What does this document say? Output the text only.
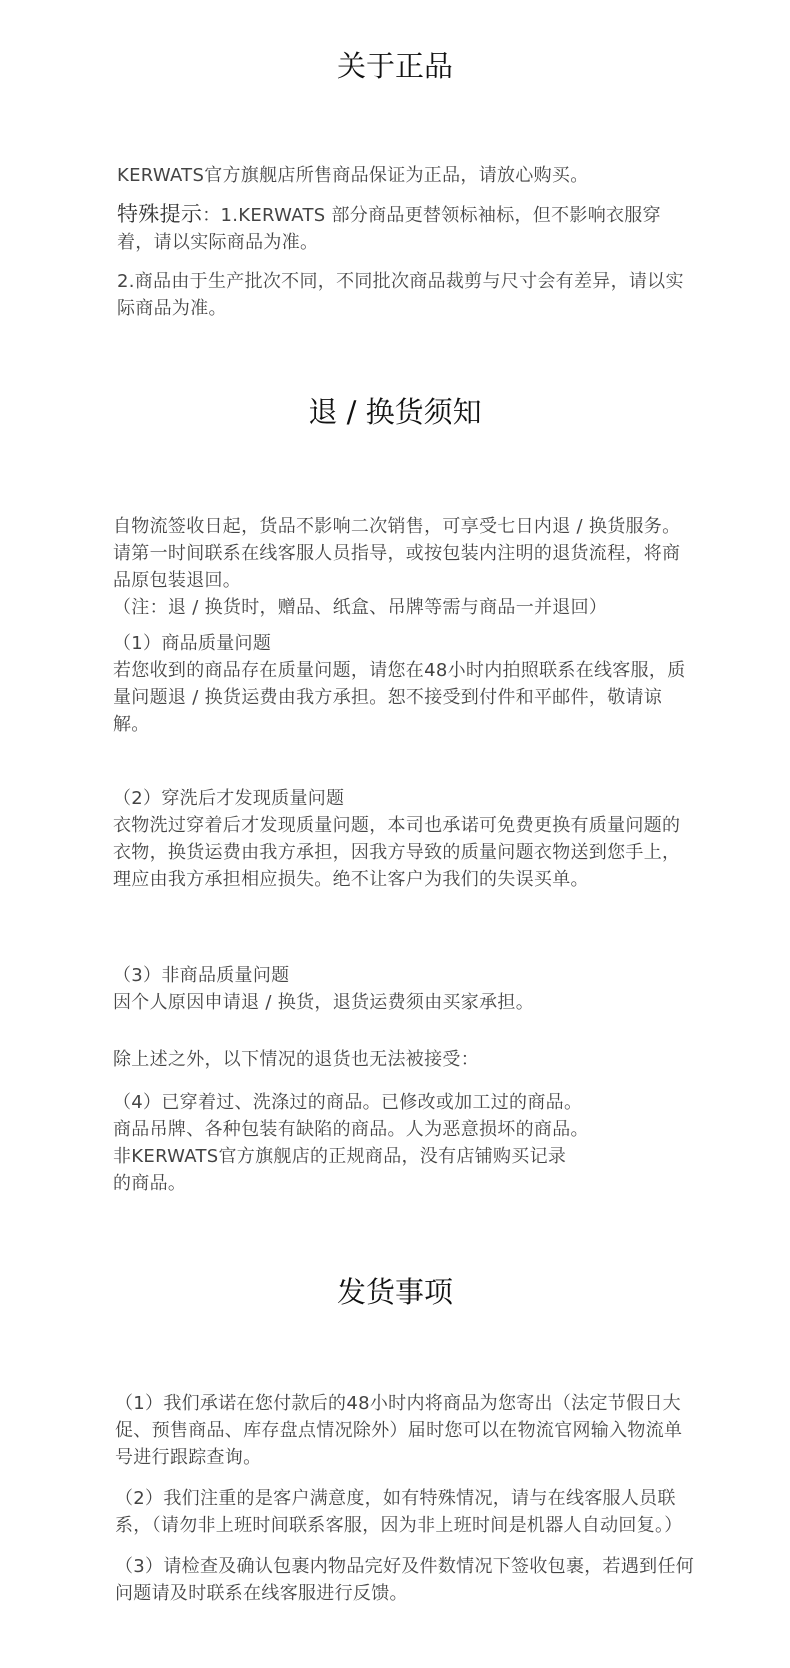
关于正品

KERWATS官方旗舰店所售商品保证为正品，请放心购买。

特殊提示：1.KERWATS 部分商品更替领标袖标，但不影响衣服穿着，请以实际商品为准。

2.商品由于生产批次不同，不同批次商品裁剪与尺寸会有差异，请以实际商品为准。

退 / 换货须知

自物流签收日起，货品不影响二次销售，可享受七日内退 / 换货服务。请第一时间联系在线客服人员指导，或按包装内注明的退货流程，将商品原包装退回。

（注：退 / 换货时，赠品、纸盒、吊牌等需与商品一并退回）

（1）商品质量问题

若您收到的商品存在质量问题，请您在48小时内拍照联系在线客服，质量问题退 / 换货运费由我方承担。恕不接受到付件和平邮件，敬请谅解。

（2）穿洗后才发现质量问题

衣物洗过穿着后才发现质量问题，本司也承诺可免费更换有质量问题的衣物，换货运费由我方承担，因我方导致的质量问题衣物送到您手上，理应由我方承担相应损失。绝不让客户为我们的失误买单。

（3）非商品质量问题

因个人原因申请退 / 换货，退货运费须由买家承担。

除上述之外，以下情况的退货也无法被接受：

（4）已穿着过、洗涤过的商品。已修改或加工过的商品。

商品吊牌、各种包装有缺陷的商品。人为恶意损坏的商品。

非KERWATS官方旗舰店的正规商品，没有店铺购买记录

的商品。

发货事项

（1）我们承诺在您付款后的48小时内将商品为您寄出（法定节假日大促、预售商品、库存盘点情况除外）届时您可以在物流官网输入物流单号进行跟踪查询。

（2）我们注重的是客户满意度，如有特殊情况，请与在线客服人员联系，（请勿非上班时间联系客服，因为非上班时间是机器人自动回复。）

（3）请检查及确认包裹内物品完好及件数情况下签收包裹，若遇到任何问题请及时联系在线客服进行反馈。
